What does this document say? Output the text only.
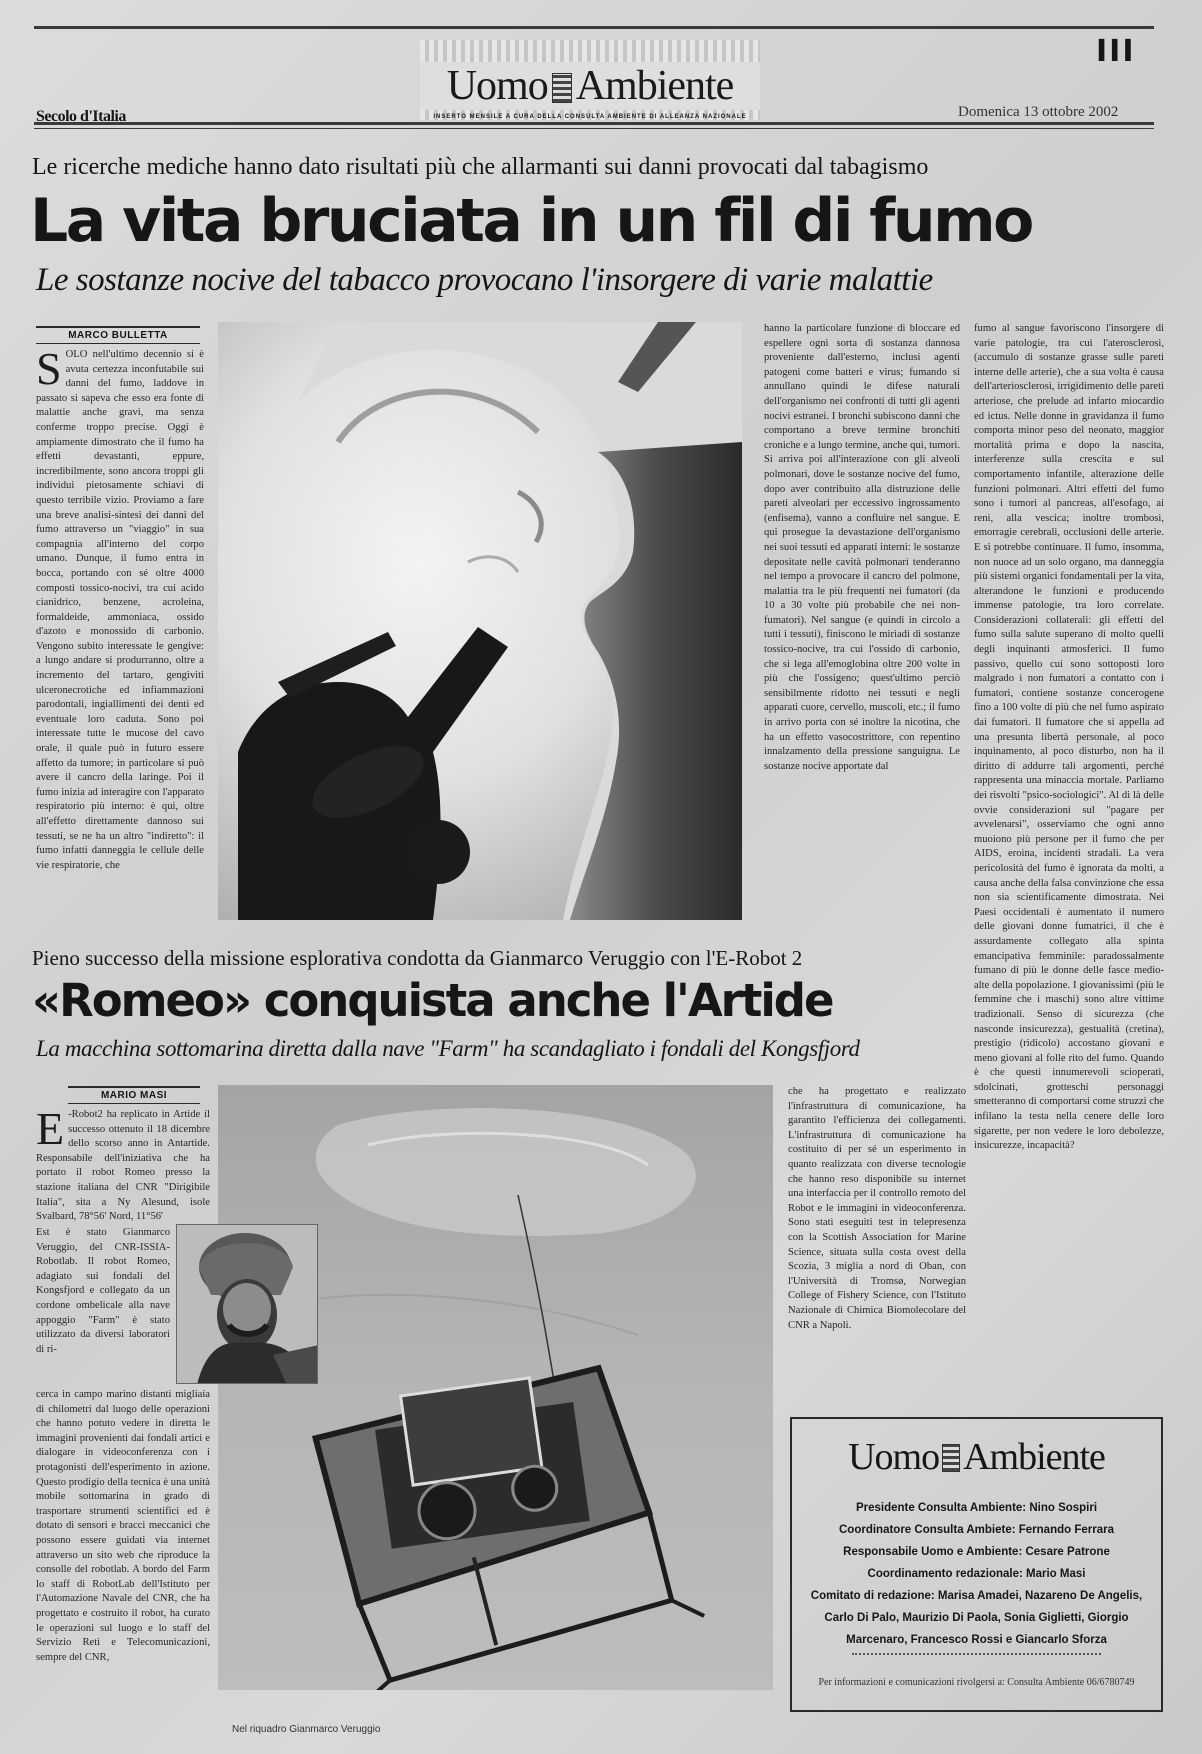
III
Uomo Ambiente
INSERTO MENSILE A CURA DELLA CONSULTA AMBIENTE DI ALLEANZA NAZIONALE
Secolo d'Italia	Domenica 13 ottobre 2002
Le ricerche mediche hanno dato risultati più che allarmanti sui danni provocati dal tabagismo
La vita bruciata in un fil di fumo
Le sostanze nocive del tabacco provocano l'insorgere di varie malattie
MARCO BULLETTA
SOLO nell'ultimo decennio si è avuta certezza inconfutabile sui danni del fumo, laddove in passato si sapeva che esso era fonte di malattie anche gravi, ma senza conferme troppo precise. Oggi è ampiamente dimostrato che il fumo ha effetti devastanti, eppure, incredibilmente, sono ancora troppi gli individui pietosamente schiavi di questo terribile vizio. Proviamo a fare una breve analisi-sintesi dei danni del fumo attraverso un "viaggio" in sua compagnia all'interno del corpo umano. Dunque, il fumo entra in bocca, portando con sé oltre 4000 composti tossico-nocivi, tra cui acido cianidrico, benzene, acroleina, formaldeide, ammoniaca, ossido d'azoto e monossido di carbonio. Vengono subito interessate le gengive: a lungo andare si produrranno, oltre a incremento del tartaro, gengiviti ulceronecrotiche ed infiammazioni parodontali, ingiallimenti dei denti ed eventuale loro caduta. Sono poi interessate tutte le mucose del cavo orale, il quale può in futuro essere affetto da tumore; in particolare si può avere il cancro della laringe. Poi il fumo inizia ad interagire con l'apparato respiratorio più interno: è qui, oltre all'effetto direttamente dannoso sui tessuti, se ne ha un altro "indiretto": il fumo infatti danneggia le cellule delle vie respiratorie, che
hanno la particolare funzione di bloccare ed espellere ogni sorta di sostanza dannosa proveniente dall'esterno, inclusi agenti patogeni come batteri e virus; fumando si annullano quindi le difese naturali dell'organismo nei confronti di tutti gli agenti nocivi estranei. I bronchi subiscono danni che comportano a breve termine bronchiti croniche e a lungo termine, anche qui, tumori. Si arriva poi all'interazione con gli alveoli polmonari, dove le sostanze nocive del fumo, dopo aver contribuito alla distruzione delle pareti alveolari per eccessivo ingrossamento (enfisema), vanno a confluire nel sangue. E qui prosegue la devastazione dell'organismo nei suoi tessuti ed apparati interni: le sostanze depositate nelle cavità polmonari tenderanno nel tempo a provocare il cancro del polmone, malattia tra le più frequenti nei fumatori (da 10 a 30 volte più probabile che nei non-fumatori). Nel sangue (e quindi in circolo a tutti i tessuti), finiscono le miriadi di sostanze tossico-nocive, tra cui l'ossido di carbonio, che si lega all'emoglobina oltre 200 volte in più che l'ossigeno; quest'ultimo perciò sensibilmente ridotto nei tessuti e negli apparati cuore, cervello, muscoli, etc.; il fumo in arrivo porta con sé inoltre la nicotina, che ha un effetto vasocostrittore, con repentino innalzamento della pressione sanguigna. Le sostanze nocive apportate dal
fumo al sangue favoriscono l'insorgere di varie patologie, tra cui l'aterosclerosi, (accumulo di sostanze grasse sulle pareti interne delle arterie), che a sua volta è causa dell'arteriosclerosi, irrigidimento delle pareti arteriose, che prelude ad infarto miocardio ed ictus. Nelle donne in gravidanza il fumo comporta minor peso del neonato, maggior mortalità prima e dopo la nascita, interferenze sulla crescita e sul comportamento infantile, alterazione delle funzioni polmonari. Altri effetti del fumo sono i tumori al pancreas, all'esofago, ai reni, alla vescica; inoltre trombosi, emorragie cerebrali, occlusioni delle arterie. E si potrebbe continuare. Il fumo, insomma, non nuoce ad un solo organo, ma danneggia più sistemi organici fondamentali per la vita, alterandone le funzioni e producendo immense patologie, tra loro correlate. Considerazioni collaterali: gli effetti del fumo sulla salute superano di molto quelli degli inquinanti atmosferici. Il fumo passivo, quello cui sono sottoposti loro malgrado i non fumatori a contatto con i fumatori, contiene sostanze concerogene fino a 100 volte di più che nel fumo aspirato dai fumatori. Il fumatore che si appella ad una presunta libertà personale, al poco inquinamento, al poco disturbo, non ha il diritto di addurre tali argomenti, perché rappresenta una minaccia mortale. Parliamo dei risvolti "psico-sociologici". Al di là delle ovvie considerazioni sul "pagare per avvelenarsi", osserviamo che ogni anno muoiono più persone per il fumo che per AIDS, eroina, incidenti stradali. La vera pericolosità del fumo è ignorata da molti, a causa anche della falsa convinzione che essa non sia scientificamente dimostrata. Nei Paesi occidentali è aumentato il numero delle giovani donne fumatrici, il che è assurdamente collegato alla spinta emancipativa femminile: paradossalmente fumano di più le donne delle fasce medio-alte della popolazione. I giovanissimi (più le femmine che i maschi) sono altre vittime tradizionali. Senso di sicurezza (che nasconde insicurezza), gestualità (cretina), prestigio (ridicolo) accostano giovani e meno giovani al folle rito del fumo. Quando è che questi innumerevoli scioperati, sdolcinati, grotteschi personaggi smetteranno di comportarsi come struzzi che infilano la testa nella cenere delle loro sigarette, per non vedere le loro debolezze, insicurezze, incapacità?
Pieno successo della missione esplorativa condotta da Gianmarco Veruggio con l'E-Robot 2
«Romeo» conquista anche l'Artide
La macchina sottomarina diretta dalla nave "Farm" ha scandagliato i fondali del Kongsfjord
MARIO MASI
E -Robot2 ha replicato in Artide il successo ottenuto il 18 dicembre dello scorso anno in Antartide. Responsabile dell'iniziativa che ha portato il robot Romeo presso la stazione italiana del CNR "Dirigibile Italia", sita a Ny Alesund, isole Svalbard, 78°56' Nord, 11°56'
Est è stato Gianmarco Veruggio, del CNR-ISSIA-Robotlab. Il robot Romeo, adagiato sui fondali del Kongsfjord e collegato da un cordone ombelicale alla nave appoggio "Farm" è stato utilizzato da diversi laboratori di ri-
cerca in campo marino distanti migliaia di chilometri dal luogo delle operazioni che hanno potuto vedere in diretta le immagini provenienti dai fondali artici e dialogare in videoconferenza con i protagonisti dell'esperimento in azione. Questo prodigio della tecnica è una unità mobile sottomarina in grado di trasportare strumenti scientifici ed è dotato di sensori e bracci meccanici che possono essere guidati via internet attraverso un sito web che riproduce la consolle del robotlab. A bordo del Farm lo staff di RobotLab dell'Istituto per l'Automazione Navale del CNR, che ha progettato e costruito il robot, ha curato le operazioni sul luogo e lo staff del Servizio Reti e Telecomunicazioni, sempre del CNR,
che ha progettato e realizzato l'infrastruttura di comunicazione, ha garantito l'efficienza dei collegamenti. L'infrastruttura di comunicazione ha costituito di per sé un esperimento in quanto realizzata con diverse tecnologie che hanno reso disponibile su internet una interfaccia per il controllo remoto del Robot e le immagini in videoconferenza. Sono stati eseguiti test in telepresenza con la Scottish Association for Marine Science, situata sulla costa ovest della Scozia, 3 miglia a nord di Oban, con l'Università di Tromsø, Norwegian College of Fishery Science, con l'Istituto Nazionale di Chimica Biomolecolare del CNR a Napoli.
Nel riquadro Gianmarco Veruggio
Uomo Ambiente
Presidente Consulta Ambiente: Nino Sospiri
Coordinatore Consulta Ambiete: Fernando Ferrara
Responsabile Uomo e Ambiente: Cesare Patrone
Coordinamento redazionale: Mario Masi
Comitato di redazione: Marisa Amadei, Nazareno De Angelis,
Carlo Di Palo, Maurizio Di Paola, Sonia Giglietti, Giorgio
Marcenaro, Francesco Rossi e Giancarlo Sforza
Per informazioni e comunicazioni rivolgersi a: Consulta Ambiente 06/6780749
